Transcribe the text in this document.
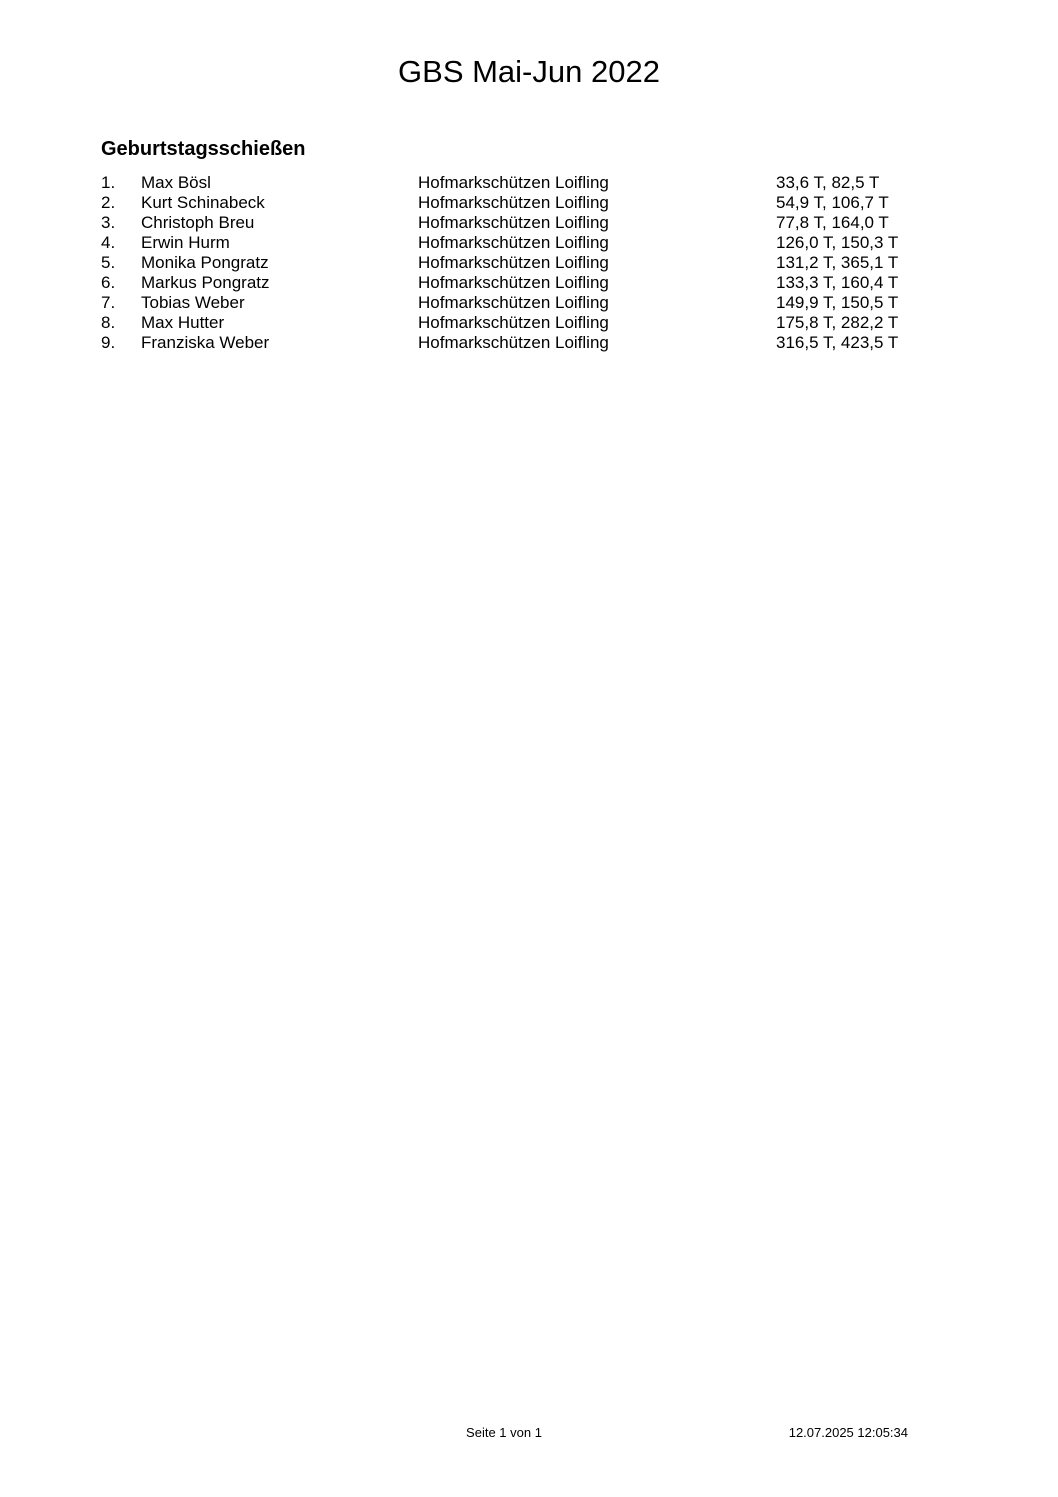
GBS Mai-Jun 2022
Geburtstagsschießen
1. Max Bösl	Hofmarkschützen Loifling	33,6 T, 82,5 T
2. Kurt Schinabeck	Hofmarkschützen Loifling	54,9 T, 106,7 T
3. Christoph Breu	Hofmarkschützen Loifling	77,8 T, 164,0 T
4. Erwin Hurm	Hofmarkschützen Loifling	126,0 T, 150,3 T
5. Monika Pongratz	Hofmarkschützen Loifling	131,2 T, 365,1 T
6. Markus Pongratz	Hofmarkschützen Loifling	133,3 T, 160,4 T
7. Tobias Weber	Hofmarkschützen Loifling	149,9 T, 150,5 T
8. Max Hutter	Hofmarkschützen Loifling	175,8 T, 282,2 T
9. Franziska Weber	Hofmarkschützen Loifling	316,5 T, 423,5 T
Seite 1 von 1	12.07.2025 12:05:34
